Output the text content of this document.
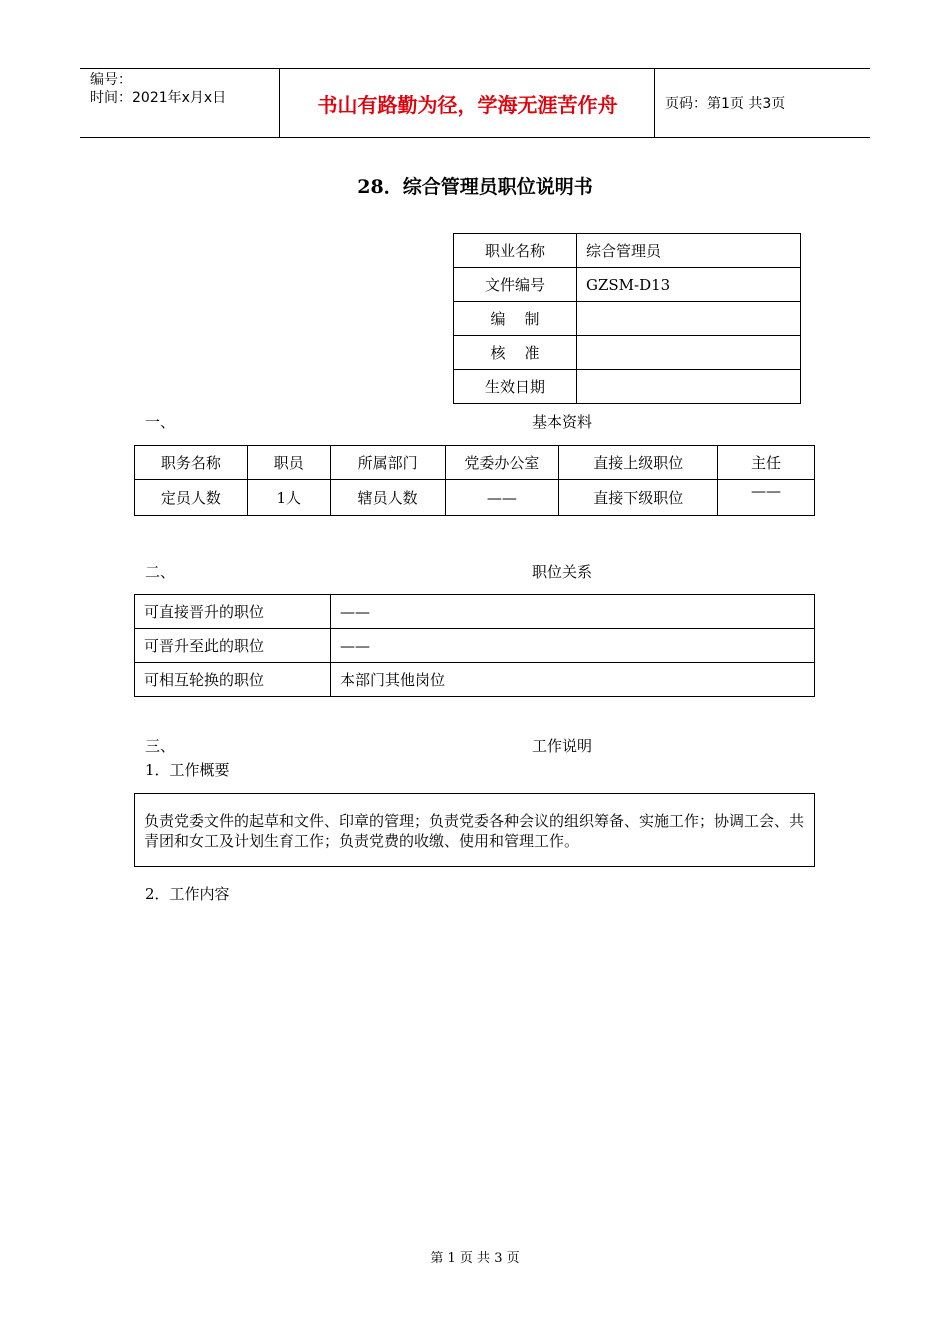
编号：
时间：2021年x月x日	书山有路勤为径，学海无涯苦作舟	页码：第1页 共3页
28．综合管理员职位说明书
职业名称	综合管理员
文件编号	GZSM-D13
编    制	
核    准	
生效日期	
一、	基本资料
职务名称	职员	所属部门	党委办公室	直接上级职位	主任
定员人数	1人	辖员人数	——	直接下级职位	——
二、	职位关系
可直接晋升的职位	——
可晋升至此的职位	——
可相互轮换的职位	本部门其他岗位
三、	工作说明
1．工作概要
负责党委文件的起草和文件、印章的管理；负责党委各种会议的组织筹备、实施工作；协调工会、共青团和女工及计划生育工作；负责党费的收缴、使用和管理工作。
2．工作内容
第 1 页 共 3 页
